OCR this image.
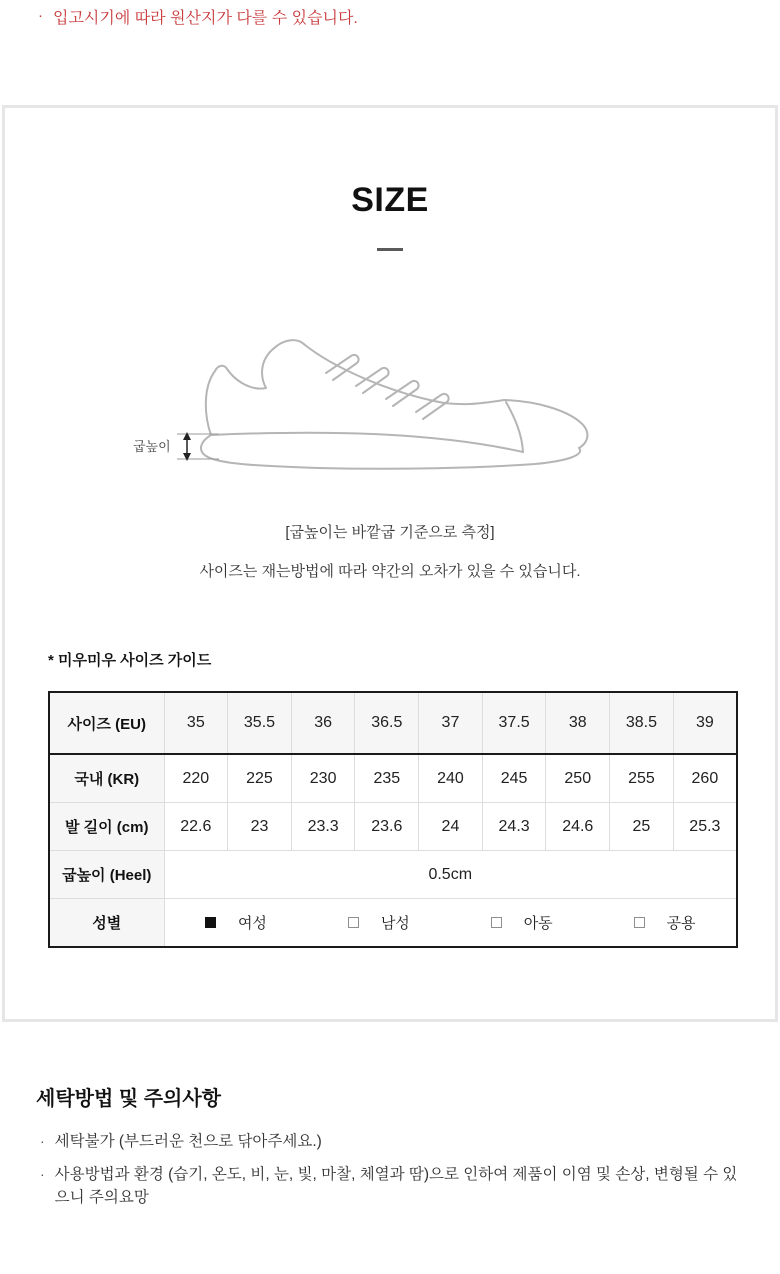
· 입고시기에 따라 원산지가 다를 수 있습니다.
SIZE
굽높이
[굽높이는 바깥굽 기준으로 측정]
사이즈는 재는방법에 따라 약간의 오차가 있을 수 있습니다.
* 미우미우 사이즈 가이드
사이즈 (EU)	35	35.5	36	36.5	37	37.5	38	38.5	39
국내 (KR)	220	225	230	235	240	245	250	255	260
발 길이 (cm)	22.6	23	23.3	23.6	24	24.3	24.6	25	25.3
굽높이 (Heel)	0.5cm								
성별	여성 남성 아동 공용								
세탁방법 및 주의사항
· 세탁불가 (부드러운 천으로 닦아주세요.)
· 사용방법과 환경 (습기, 온도, 비, 눈, 빛, 마찰, 체열과 땀)으로 인하여 제품이 이염 및 손상, 변형될 수 있으니 주의요망
